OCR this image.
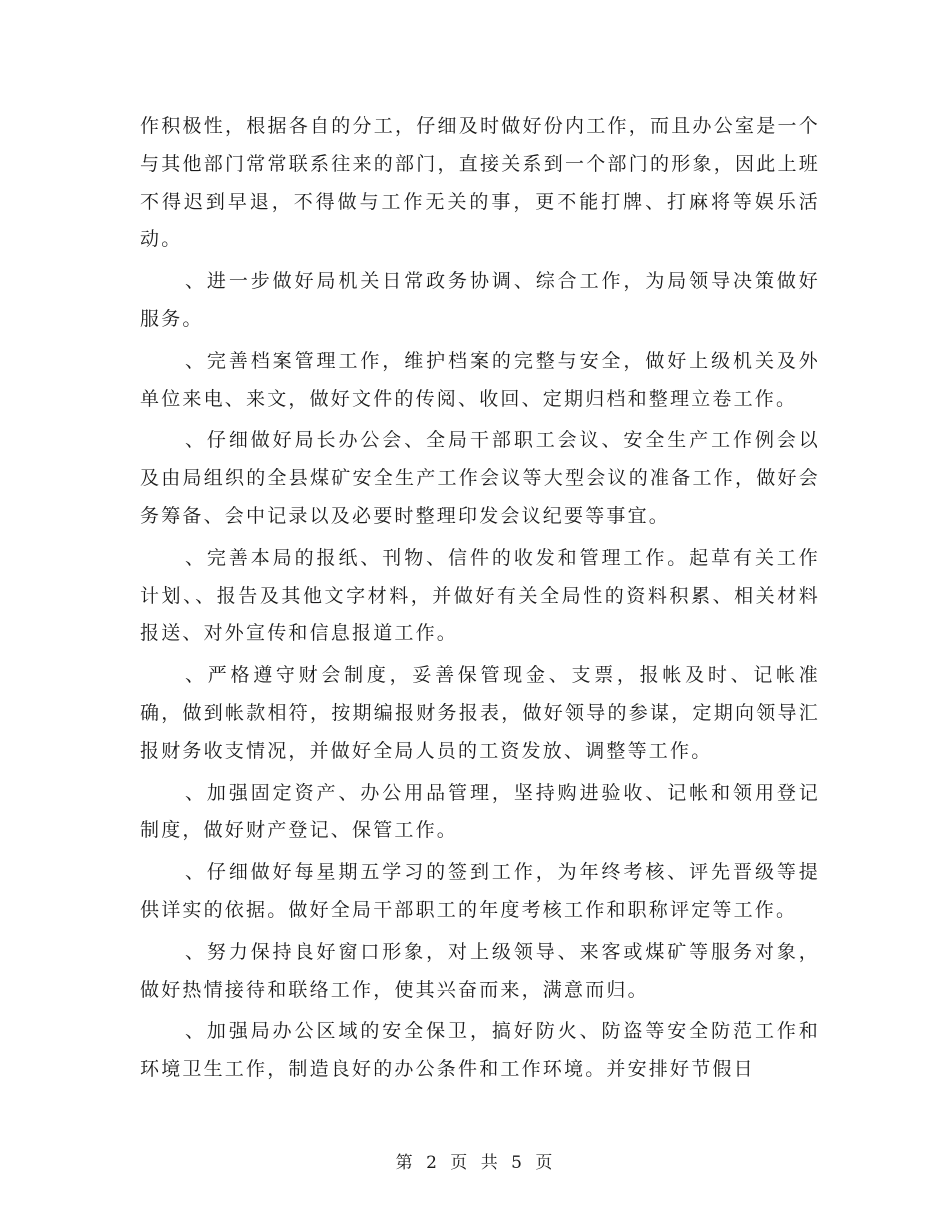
作积极性，根据各自的分工，仔细及时做好份内工作，而且办公室是一个与其他部门常常联系往来的部门，直接关系到一个部门的形象，因此上班不得迟到早退，不得做与工作无关的事，更不能打牌、打麻将等娱乐活动。

、进一步做好局机关日常政务协调、综合工作，为局领导决策做好服务。

、完善档案管理工作，维护档案的完整与安全，做好上级机关及外单位来电、来文，做好文件的传阅、收回、定期归档和整理立卷工作。

、仔细做好局长办公会、全局干部职工会议、安全生产工作例会以及由局组织的全县煤矿安全生产工作会议等大型会议的准备工作，做好会务筹备、会中记录以及必要时整理印发会议纪要等事宜。

、完善本局的报纸、刊物、信件的收发和管理工作。起草有关工作计划、、报告及其他文字材料，并做好有关全局性的资料积累、相关材料报送、对外宣传和信息报道工作。

、严格遵守财会制度，妥善保管现金、支票，报帐及时、记帐准确，做到帐款相符，按期编报财务报表，做好领导的参谋，定期向领导汇报财务收支情况，并做好全局人员的工资发放、调整等工作。

、加强固定资产、办公用品管理，坚持购进验收、记帐和领用登记制度，做好财产登记、保管工作。

、仔细做好每星期五学习的签到工作，为年终考核、评先晋级等提供详实的依据。做好全局干部职工的年度考核工作和职称评定等工作。

、努力保持良好窗口形象，对上级领导、来客或煤矿等服务对象，做好热情接待和联络工作，使其兴奋而来，满意而归。

、加强局办公区域的安全保卫，搞好防火、防盗等安全防范工作和环境卫生工作，制造良好的办公条件和工作环境。并安排好节假日

第 2 页 共 5 页
